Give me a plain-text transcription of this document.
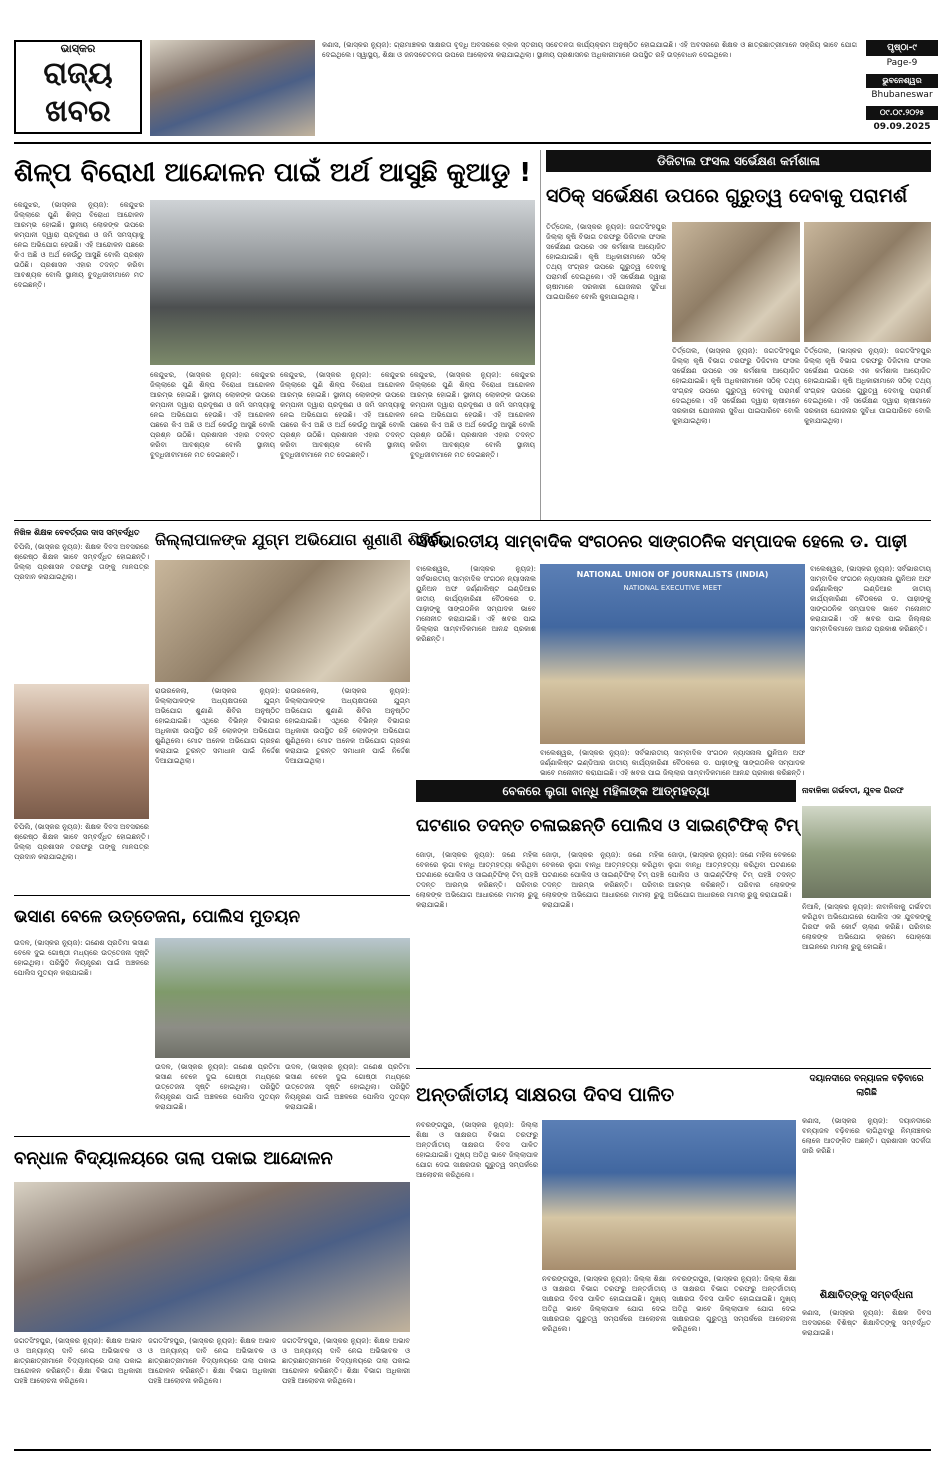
ଭାସ୍କର
ରାଜ୍ୟ
ଖବର
କଣାସ, (ଭାସ୍କର ନ୍ୟୁଜ): ଗ୍ରାମାଞ୍ଚଳର ସାକ୍ଷରତା ବୃଦ୍ଧି ଅବସରରେ ବ୍ଲକ ସ୍ତରୀୟ ସଚେତନତା କାର୍ଯ୍ୟକ୍ରମ ଅନୁଷ୍ଠିତ ହୋଇଯାଇଛି। ଏହି ଅବସରରେ ଶିକ୍ଷକ ଓ ଛାତ୍ରଛାତ୍ରୀମାନେ ସକ୍ରିୟ ଭାବେ ଯୋଗ ଦେଇଥିଲେ। ସ୍ୱାସ୍ଥ୍ୟ, ଶିକ୍ଷା ଓ ଜନସଚେତନତା ଉପରେ ଆଲୋଚନା କରାଯାଇଥିଲା। ସ୍ଥାନୀୟ ପ୍ରଶାସନର ଅଧିକାରୀମାନେ ଉପସ୍ଥିତ ରହି ଉଦ୍‌ବୋଧନ ଦେଇଥିଲେ।
ପୃଷ୍ଠା-୯
Page-9
ଭୁବନେଶ୍ୱର
Bhubaneswar
୦୯.୦୯.୨୦୨୫
09.09.2025
ଶିଳ୍ପ ବିରୋଧୀ ଆନ୍ଦୋଳନ ପାଇଁ ଅର୍ଥ ଆସୁଛି କୁଆଡୁ !
କେନ୍ଦୁଝର, (ଭାସ୍କର ନ୍ୟୁଜ): କେନ୍ଦୁଝର ଜିଲ୍ଲାରେ ପୁଣି ଶିଳ୍ପ ବିରୋଧୀ ଆନ୍ଦୋଳନ ଆରମ୍ଭ ହୋଇଛି। ସ୍ଥାନୀୟ ଲୋକଙ୍କ ଉପରେ କମ୍ପାନୀ ଦ୍ୱାରା ପ୍ରଦୂଷଣ ଓ ଜମି ସମସ୍ୟାକୁ ନେଇ ଅଭିଯୋଗ ହେଉଛି। ଏହି ଆନ୍ଦୋଳନ ପଛରେ କିଏ ଅଛି ଓ ଅର୍ଥ କେଉଁଠୁ ଆସୁଛି ବୋଲି ପ୍ରଶ୍ନ ଉଠିଛି। ପ୍ରଶାସନ ଏହାର ତଦନ୍ତ କରିବା ଆବଶ୍ୟକ ବୋଲି ସ୍ଥାନୀୟ ବୁଦ୍ଧିଜୀବୀମାନେ ମତ ଦେଇଛନ୍ତି।
କେନ୍ଦୁଝର, (ଭାସ୍କର ନ୍ୟୁଜ): କେନ୍ଦୁଝର ଜିଲ୍ଲାରେ ପୁଣି ଶିଳ୍ପ ବିରୋଧୀ ଆନ୍ଦୋଳନ ଆରମ୍ଭ ହୋଇଛି। ସ୍ଥାନୀୟ ଲୋକଙ୍କ ଉପରେ କମ୍ପାନୀ ଦ୍ୱାରା ପ୍ରଦୂଷଣ ଓ ଜମି ସମସ୍ୟାକୁ ନେଇ ଅଭିଯୋଗ ହେଉଛି। ଏହି ଆନ୍ଦୋଳନ ପଛରେ କିଏ ଅଛି ଓ ଅର୍ଥ କେଉଁଠୁ ଆସୁଛି ବୋଲି ପ୍ରଶ୍ନ ଉଠିଛି। ପ୍ରଶାସନ ଏହାର ତଦନ୍ତ କରିବା ଆବଶ୍ୟକ ବୋଲି ସ୍ଥାନୀୟ ବୁଦ୍ଧିଜୀବୀମାନେ ମତ ଦେଇଛନ୍ତି।
କେନ୍ଦୁଝର, (ଭାସ୍କର ନ୍ୟୁଜ): କେନ୍ଦୁଝର ଜିଲ୍ଲାରେ ପୁଣି ଶିଳ୍ପ ବିରୋଧୀ ଆନ୍ଦୋଳନ ଆରମ୍ଭ ହୋଇଛି। ସ୍ଥାନୀୟ ଲୋକଙ୍କ ଉପରେ କମ୍ପାନୀ ଦ୍ୱାରା ପ୍ରଦୂଷଣ ଓ ଜମି ସମସ୍ୟାକୁ ନେଇ ଅଭିଯୋଗ ହେଉଛି। ଏହି ଆନ୍ଦୋଳନ ପଛରେ କିଏ ଅଛି ଓ ଅର୍ଥ କେଉଁଠୁ ଆସୁଛି ବୋଲି ପ୍ରଶ୍ନ ଉଠିଛି। ପ୍ରଶାସନ ଏହାର ତଦନ୍ତ କରିବା ଆବଶ୍ୟକ ବୋଲି ସ୍ଥାନୀୟ ବୁଦ୍ଧିଜୀବୀମାନେ ମତ ଦେଇଛନ୍ତି।
କେନ୍ଦୁଝର, (ଭାସ୍କର ନ୍ୟୁଜ): କେନ୍ଦୁଝର ଜିଲ୍ଲାରେ ପୁଣି ଶିଳ୍ପ ବିରୋଧୀ ଆନ୍ଦୋଳନ ଆରମ୍ଭ ହୋଇଛି। ସ୍ଥାନୀୟ ଲୋକଙ୍କ ଉପରେ କମ୍ପାନୀ ଦ୍ୱାରା ପ୍ରଦୂଷଣ ଓ ଜମି ସମସ୍ୟାକୁ ନେଇ ଅଭିଯୋଗ ହେଉଛି। ଏହି ଆନ୍ଦୋଳନ ପଛରେ କିଏ ଅଛି ଓ ଅର୍ଥ କେଉଁଠୁ ଆସୁଛି ବୋଲି ପ୍ରଶ୍ନ ଉଠିଛି। ପ୍ରଶାସନ ଏହାର ତଦନ୍ତ କରିବା ଆବଶ୍ୟକ ବୋଲି ସ୍ଥାନୀୟ ବୁଦ୍ଧିଜୀବୀମାନେ ମତ ଦେଇଛନ୍ତି।
ଡିଜିଟାଲ ଫସଲ ସର୍ଭେକ୍ଷଣ କର୍ମଶାଳା
ସଠିକ୍ ସର୍ଭେକ୍ଷଣ ଉପରେ ଗୁରୁତ୍ୱ ଦେବାକୁ ପରାମର୍ଶ
ତିର୍ତ୍ତୋଲ, (ଭାସ୍କର ନ୍ୟୁଜ): ଜଗତସିଂହପୁର ଜିଲ୍ଲା କୃଷି ବିଭାଗ ତରଫରୁ ଡିଜିଟାଲ ଫସଲ ସର୍ଭେକ୍ଷଣ ଉପରେ ଏକ କର୍ମଶାଳା ଆୟୋଜିତ ହୋଇଯାଇଛି। କୃଷି ଅଧିକାରୀମାନେ ସଠିକ୍ ତଥ୍ୟ ସଂଗ୍ରହ ଉପରେ ଗୁରୁତ୍ୱ ଦେବାକୁ ପରାମର୍ଶ ଦେଇଥିଲେ। ଏହି ସର୍ଭେକ୍ଷଣ ଦ୍ୱାରା ଚାଷୀମାନେ ସରକାରୀ ଯୋଜନାର ସୁବିଧା ପାଇପାରିବେ ବୋଲି କୁହାଯାଇଥିଲା।
ତିର୍ତ୍ତୋଲ, (ଭାସ୍କର ନ୍ୟୁଜ): ଜଗତସିଂହପୁର ଜିଲ୍ଲା କୃଷି ବିଭାଗ ତରଫରୁ ଡିଜିଟାଲ ଫସଲ ସର୍ଭେକ୍ଷଣ ଉପରେ ଏକ କର୍ମଶାଳା ଆୟୋଜିତ ହୋଇଯାଇଛି। କୃଷି ଅଧିକାରୀମାନେ ସଠିକ୍ ତଥ୍ୟ ସଂଗ୍ରହ ଉପରେ ଗୁରୁତ୍ୱ ଦେବାକୁ ପରାମର୍ଶ ଦେଇଥିଲେ। ଏହି ସର୍ଭେକ୍ଷଣ ଦ୍ୱାରା ଚାଷୀମାନେ ସରକାରୀ ଯୋଜନାର ସୁବିଧା ପାଇପାରିବେ ବୋଲି କୁହାଯାଇଥିଲା।
ତିର୍ତ୍ତୋଲ, (ଭାସ୍କର ନ୍ୟୁଜ): ଜଗତସିଂହପୁର ଜିଲ୍ଲା କୃଷି ବିଭାଗ ତରଫରୁ ଡିଜିଟାଲ ଫସଲ ସର୍ଭେକ୍ଷଣ ଉପରେ ଏକ କର୍ମଶାଳା ଆୟୋଜିତ ହୋଇଯାଇଛି। କୃଷି ଅଧିକାରୀମାନେ ସଠିକ୍ ତଥ୍ୟ ସଂଗ୍ରହ ଉପରେ ଗୁରୁତ୍ୱ ଦେବାକୁ ପରାମର୍ଶ ଦେଇଥିଲେ। ଏହି ସର୍ଭେକ୍ଷଣ ଦ୍ୱାରା ଚାଷୀମାନେ ସରକାରୀ ଯୋଜନାର ସୁବିଧା ପାଇପାରିବେ ବୋଲି କୁହାଯାଇଥିଲା।
ନିଖିଳ ଶିକ୍ଷକ ବେବର୍ତ୍ତାର ଦାସ ସମ୍ବର୍ଦ୍ଧିତ
ଚିପିଲି, (ଭାସ୍କର ନ୍ୟୁଜ): ଶିକ୍ଷକ ଦିବସ ଅବସରରେ ଶ୍ରେଷ୍ଠ ଶିକ୍ଷକ ଭାବେ ସମ୍ବର୍ଦ୍ଧିତ ହୋଇଛନ୍ତି। ଜିଲ୍ଲା ପ୍ରଶାସନ ତରଫରୁ ତାଙ୍କୁ ମାନପତ୍ର ପ୍ରଦାନ କରାଯାଇଥିଲା।
ଚିପିଲି, (ଭାସ୍କର ନ୍ୟୁଜ): ଶିକ୍ଷକ ଦିବସ ଅବସରରେ ଶ୍ରେଷ୍ଠ ଶିକ୍ଷକ ଭାବେ ସମ୍ବର୍ଦ୍ଧିତ ହୋଇଛନ୍ତି। ଜିଲ୍ଲା ପ୍ରଶାସନ ତରଫରୁ ତାଙ୍କୁ ମାନପତ୍ର ପ୍ରଦାନ କରାଯାଇଥିଲା।
ଜିଲ୍ଲାପାଳଙ୍କ ଯୁଗ୍ମ ଅଭିଯୋଗ ଶୁଣାଣି ଶିବିର
ରାଉରକେଲା, (ଭାସ୍କର ନ୍ୟୁଜ): ଜିଲ୍ଲାପାଳଙ୍କ ଅଧ୍ୟକ୍ଷତାରେ ଯୁଗ୍ମ ଅଭିଯୋଗ ଶୁଣାଣି ଶିବିର ଅନୁଷ୍ଠିତ ହୋଇଯାଇଛି। ଏଥିରେ ବିଭିନ୍ନ ବିଭାଗର ଅଧିକାରୀ ଉପସ୍ଥିତ ରହି ଲୋକଙ୍କ ଅଭିଯୋଗ ଶୁଣିଥିଲେ। ମୋଟ ଅନେକ ଅଭିଯୋଗ ଗ୍ରହଣ କରାଯାଇ ତୁରନ୍ତ ସମାଧାନ ପାଇଁ ନିର୍ଦ୍ଦେଶ ଦିଆଯାଇଥିଲା।
ରାଉରକେଲା, (ଭାସ୍କର ନ୍ୟୁଜ): ଜିଲ୍ଲାପାଳଙ୍କ ଅଧ୍ୟକ୍ଷତାରେ ଯୁଗ୍ମ ଅଭିଯୋଗ ଶୁଣାଣି ଶିବିର ଅନୁଷ୍ଠିତ ହୋଇଯାଇଛି। ଏଥିରେ ବିଭିନ୍ନ ବିଭାଗର ଅଧିକାରୀ ଉପସ୍ଥିତ ରହି ଲୋକଙ୍କ ଅଭିଯୋଗ ଶୁଣିଥିଲେ। ମୋଟ ଅନେକ ଅଭିଯୋଗ ଗ୍ରହଣ କରାଯାଇ ତୁରନ୍ତ ସମାଧାନ ପାଇଁ ନିର୍ଦ୍ଦେଶ ଦିଆଯାଇଥିଲା।
ସର୍ବଭାରତୀୟ ସାମ୍ବାଦିକ ସଂଗଠନର ସାଙ୍ଗଠନିକ ସମ୍ପାଦକ ହେଲେ ଡ. ପାଢ଼ୀ
ବାଲେଶ୍ୱର, (ଭାସ୍କର ନ୍ୟୁଜ): ସର୍ବଭାରତୀୟ ସାମ୍ବାଦିକ ସଂଗଠନ ନ୍ୟାସନାଲ ୟୁନିଅନ ଅଫ ଜର୍ଣ୍ଣାଲିଷ୍ଟ ଇଣ୍ଡିଆର ଜାତୀୟ କାର୍ଯ୍ୟକାରିଣୀ ବୈଠକରେ ଡ. ପାଢ଼ୀଙ୍କୁ ସାଙ୍ଗଠନିକ ସମ୍ପାଦକ ଭାବେ ମନୋନୀତ କରାଯାଇଛି। ଏହି ଖବର ପାଇ ଜିଲ୍ଲାର ସାମ୍ବାଦିକମାନେ ଆନନ୍ଦ ପ୍ରକାଶ କରିଛନ୍ତି।
NATIONAL UNION OF JOURNALISTS (INDIA)
NATIONAL EXECUTIVE MEET
ବାଲେଶ୍ୱର, (ଭାସ୍କର ନ୍ୟୁଜ): ସର୍ବଭାରତୀୟ ସାମ୍ବାଦିକ ସଂଗଠନ ନ୍ୟାସନାଲ ୟୁନିଅନ ଅଫ ଜର୍ଣ୍ଣାଲିଷ୍ଟ ଇଣ୍ଡିଆର ଜାତୀୟ କାର୍ଯ୍ୟକାରିଣୀ ବୈଠକରେ ଡ. ପାଢ଼ୀଙ୍କୁ ସାଙ୍ଗଠନିକ ସମ୍ପାଦକ ଭାବେ ମନୋନୀତ କରାଯାଇଛି। ଏହି ଖବର ପାଇ ଜିଲ୍ଲାର ସାମ୍ବାଦିକମାନେ ଆନନ୍ଦ ପ୍ରକାଶ କରିଛନ୍ତି।
ବାଲେଶ୍ୱର, (ଭାସ୍କର ନ୍ୟୁଜ): ସର୍ବଭାରତୀୟ ସାମ୍ବାଦିକ ସଂଗଠନ ନ୍ୟାସନାଲ ୟୁନିଅନ ଅଫ ଜର୍ଣ୍ଣାଲିଷ୍ଟ ଇଣ୍ଡିଆର ଜାତୀୟ କାର୍ଯ୍ୟକାରିଣୀ ବୈଠକରେ ଡ. ପାଢ଼ୀଙ୍କୁ ସାଙ୍ଗଠନିକ ସମ୍ପାଦକ ଭାବେ ମନୋନୀତ କରାଯାଇଛି। ଏହି ଖବର ପାଇ ଜିଲ୍ଲାର ସାମ୍ବାଦିକମାନେ ଆନନ୍ଦ ପ୍ରକାଶ କରିଛନ୍ତି।
ବେକରେ ଲୁଗା ବାନ୍ଧି ମହିଳାଙ୍କ ଆତ୍ମହତ୍ୟା
ଘଟଣାର ତଦନ୍ତ ଚଳାଇଛନ୍ତି ପୋଲିସ ଓ ସାଇଣ୍ଟିଫିକ୍ ଟିମ୍
ଜୋଡ଼ା, (ଭାସ୍କର ନ୍ୟୁଜ): ଜଣେ ମହିଳା ବେକରେ ଲୁଗା ବାନ୍ଧି ଆତ୍ମହତ୍ୟା କରିଥିବା ଘଟଣାରେ ପୋଲିସ ଓ ସାଇଣ୍ଟିଫିକ୍ ଟିମ୍ ପହଞ୍ଚି ତଦନ୍ତ ଆରମ୍ଭ କରିଛନ୍ତି। ପରିବାର ଲୋକଙ୍କ ଅଭିଯୋଗ ଆଧାରରେ ମାମଲା ରୁଜୁ କରାଯାଇଛି।
ଜୋଡ଼ା, (ଭାସ୍କର ନ୍ୟୁଜ): ଜଣେ ମହିଳା ବେକରେ ଲୁଗା ବାନ୍ଧି ଆତ୍ମହତ୍ୟା କରିଥିବା ଘଟଣାରେ ପୋଲିସ ଓ ସାଇଣ୍ଟିଫିକ୍ ଟିମ୍ ପହଞ୍ଚି ତଦନ୍ତ ଆରମ୍ଭ କରିଛନ୍ତି। ପରିବାର ଲୋକଙ୍କ ଅଭିଯୋଗ ଆଧାରରେ ମାମଲା ରୁଜୁ କରାଯାଇଛି।
ଜୋଡ଼ା, (ଭାସ୍କର ନ୍ୟୁଜ): ଜଣେ ମହିଳା ବେକରେ ଲୁଗା ବାନ୍ଧି ଆତ୍ମହତ୍ୟା କରିଥିବା ଘଟଣାରେ ପୋଲିସ ଓ ସାଇଣ୍ଟିଫିକ୍ ଟିମ୍ ପହଞ୍ଚି ତଦନ୍ତ ଆରମ୍ଭ କରିଛନ୍ତି। ପରିବାର ଲୋକଙ୍କ ଅଭିଯୋଗ ଆଧାରରେ ମାମଲା ରୁଜୁ କରାଯାଇଛି।
ନାବାଳିକା ଗର୍ଭବତୀ, ଯୁବକ ଗିରଫ
ନିଆଳି, (ଭାସ୍କର ନ୍ୟୁଜ): ନାବାଳିକାକୁ ଗର୍ଭବତୀ କରିଥିବା ଅଭିଯୋଗରେ ପୋଲିସ ଏକ ଯୁବକଙ୍କୁ ଗିରଫ କରି କୋର୍ଟ ଚାଲାଣ କରିଛି। ପରିବାର ଲୋକଙ୍କ ଅଭିଯୋଗ କ୍ରମେ ପୋକ୍ସୋ ଆଇନରେ ମାମଲା ରୁଜୁ ହୋଇଛି।
ଭସାଣ ବେଳେ ଉତ୍ତେଜନା, ପୋଲିସ ମୁତୟନ
ଉଦଳ, (ଭାସ୍କର ନ୍ୟୁଜ): ଗଣେଶ ପ୍ରତିମା ଭସାଣ ବେଳେ ଦୁଇ ଗୋଷ୍ଠୀ ମଧ୍ୟରେ ଉତ୍ତେଜନା ସୃଷ୍ଟି ହୋଇଥିଲା। ପରିସ୍ଥିତି ନିୟନ୍ତ୍ରଣ ପାଇଁ ଅଞ୍ଚଳରେ ପୋଲିସ ମୁତୟନ କରାଯାଇଛି।
ଉଦଳ, (ଭାସ୍କର ନ୍ୟୁଜ): ଗଣେଶ ପ୍ରତିମା ଭସାଣ ବେଳେ ଦୁଇ ଗୋଷ୍ଠୀ ମଧ୍ୟରେ ଉତ୍ତେଜନା ସୃଷ୍ଟି ହୋଇଥିଲା। ପରିସ୍ଥିତି ନିୟନ୍ତ୍ରଣ ପାଇଁ ଅଞ୍ଚଳରେ ପୋଲିସ ମୁତୟନ କରାଯାଇଛି।
ଉଦଳ, (ଭାସ୍କର ନ୍ୟୁଜ): ଗଣେଶ ପ୍ରତିମା ଭସାଣ ବେଳେ ଦୁଇ ଗୋଷ୍ଠୀ ମଧ୍ୟରେ ଉତ୍ତେଜନା ସୃଷ୍ଟି ହୋଇଥିଲା। ପରିସ୍ଥିତି ନିୟନ୍ତ୍ରଣ ପାଇଁ ଅଞ୍ଚଳରେ ପୋଲିସ ମୁତୟନ କରାଯାଇଛି।
ଅନ୍ତର୍ଜାତୀୟ ସାକ୍ଷରତା ଦିବସ ପାଳିତ
ନବରଙ୍ଗପୁର, (ଭାସ୍କର ନ୍ୟୁଜ): ଜିଲ୍ଲା ଶିକ୍ଷା ଓ ସାକ୍ଷରତା ବିଭାଗ ତରଫରୁ ଅନ୍ତର୍ଜାତୀୟ ସାକ୍ଷରତା ଦିବସ ପାଳିତ ହୋଇଯାଇଛି। ମୁଖ୍ୟ ଅତିଥି ଭାବେ ଜିଲ୍ଲାପାଳ ଯୋଗ ଦେଇ ସାକ୍ଷରତାର ଗୁରୁତ୍ୱ ସମ୍ପର୍କରେ ଆଲୋଚନା କରିଥିଲେ।
ନବରଙ୍ଗପୁର, (ଭାସ୍କର ନ୍ୟୁଜ): ଜିଲ୍ଲା ଶିକ୍ଷା ଓ ସାକ୍ଷରତା ବିଭାଗ ତରଫରୁ ଅନ୍ତର୍ଜାତୀୟ ସାକ୍ଷରତା ଦିବସ ପାଳିତ ହୋଇଯାଇଛି। ମୁଖ୍ୟ ଅତିଥି ଭାବେ ଜିଲ୍ଲାପାଳ ଯୋଗ ଦେଇ ସାକ୍ଷରତାର ଗୁରୁତ୍ୱ ସମ୍ପର୍କରେ ଆଲୋଚନା କରିଥିଲେ।
ନବରଙ୍ଗପୁର, (ଭାସ୍କର ନ୍ୟୁଜ): ଜିଲ୍ଲା ଶିକ୍ଷା ଓ ସାକ୍ଷରତା ବିଭାଗ ତରଫରୁ ଅନ୍ତର୍ଜାତୀୟ ସାକ୍ଷରତା ଦିବସ ପାଳିତ ହୋଇଯାଇଛି। ମୁଖ୍ୟ ଅତିଥି ଭାବେ ଜିଲ୍ଲାପାଳ ଯୋଗ ଦେଇ ସାକ୍ଷରତାର ଗୁରୁତ୍ୱ ସମ୍ପର୍କରେ ଆଲୋଚନା କରିଥିଲେ।
ଦୟାନଦୀରେ ବନ୍ୟାଜଳ ବଢ଼ିବାରେ ଲାଗିଛି
କଣାସ, (ଭାସ୍କର ନ୍ୟୁଜ): ଦୟାନଦୀରେ ବନ୍ୟାଜଳ ବଢ଼ିବାରେ ଲାଗିଥିବାରୁ ନିମ୍ନାଞ୍ଚଳର ଲୋକେ ଆତଙ୍କିତ ଅଛନ୍ତି। ପ୍ରଶାସନ ସତର୍କତା ଜାରି କରିଛି।
ଶିକ୍ଷାବିତ୍‌ଙ୍କୁ ସମ୍ବର୍ଦ୍ଧନା
କଣାସ, (ଭାସ୍କର ନ୍ୟୁଜ): ଶିକ୍ଷକ ଦିବସ ଅବସରରେ ବିଶିଷ୍ଟ ଶିକ୍ଷାବିତ୍‌ଙ୍କୁ ସମ୍ବର୍ଦ୍ଧିତ କରାଯାଇଛି।
ବନ୍ଧାଳ ବିଦ୍ୟାଳୟରେ ତାଲା ପକାଇ ଆନ୍ଦୋଳନ
ଜଗତସିଂହପୁର, (ଭାସ୍କର ନ୍ୟୁଜ): ଶିକ୍ଷକ ଅଭାବ ଓ ଅନ୍ୟାନ୍ୟ ଦାବି ନେଇ ଅଭିଭାବକ ଓ ଛାତ୍ରଛାତ୍ରୀମାନେ ବିଦ୍ୟାଳୟରେ ତାଲା ପକାଇ ଆନ୍ଦୋଳନ କରିଛନ୍ତି। ଶିକ୍ଷା ବିଭାଗ ଅଧିକାରୀ ପହଞ୍ଚି ଆଲୋଚନା କରିଥିଲେ।
ଜଗତସିଂହପୁର, (ଭାସ୍କର ନ୍ୟୁଜ): ଶିକ୍ଷକ ଅଭାବ ଓ ଅନ୍ୟାନ୍ୟ ଦାବି ନେଇ ଅଭିଭାବକ ଓ ଛାତ୍ରଛାତ୍ରୀମାନେ ବିଦ୍ୟାଳୟରେ ତାଲା ପକାଇ ଆନ୍ଦୋଳନ କରିଛନ୍ତି। ଶିକ୍ଷା ବିଭାଗ ଅଧିକାରୀ ପହଞ୍ଚି ଆଲୋଚନା କରିଥିଲେ।
ଜଗତସିଂହପୁର, (ଭାସ୍କର ନ୍ୟୁଜ): ଶିକ୍ଷକ ଅଭାବ ଓ ଅନ୍ୟାନ୍ୟ ଦାବି ନେଇ ଅଭିଭାବକ ଓ ଛାତ୍ରଛାତ୍ରୀମାନେ ବିଦ୍ୟାଳୟରେ ତାଲା ପକାଇ ଆନ୍ଦୋଳନ କରିଛନ୍ତି। ଶିକ୍ଷା ବିଭାଗ ଅଧିକାରୀ ପହଞ୍ଚି ଆଲୋଚନା କରିଥିଲେ।
